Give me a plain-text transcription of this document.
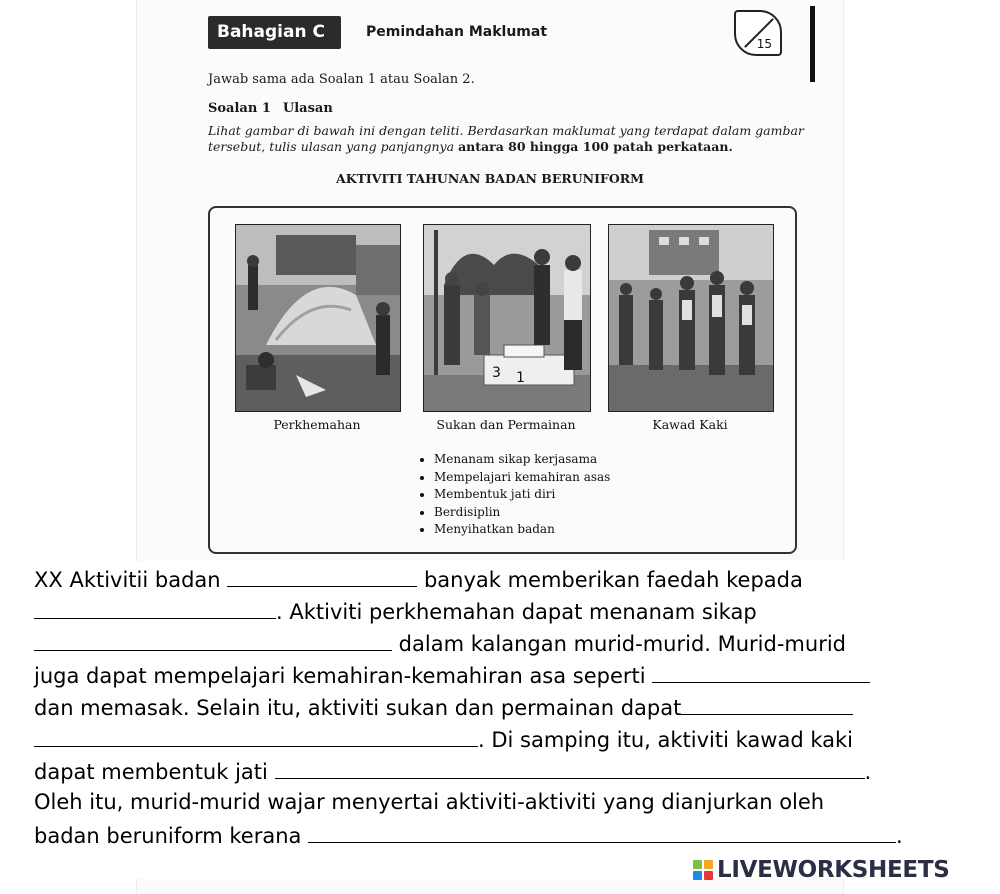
Bahagian C	Pemindahan Maklumat
15
Jawab sama ada Soalan 1 atau Soalan 2.
Soalan 1 Ulasan
Lihat gambar di bawah ini dengan teliti. Berdasarkan maklumat yang terdapat dalam gambar tersebut, tulis ulasan yang panjangnya antara 80 hingga 100 patah perkataan.
AKTIVITI TAHUNAN BADAN BERUNIFORM
3 1
Perkhemahan	Sukan dan Permainan	Kawad Kaki
• Menanam sikap kerjasama
• Mempelajari kemahiran asas
• Membentuk jati diri
• Berdisiplin
• Menyihatkan badan
XX Aktivitii badan	banyak memberikan faedah kepada
. Aktiviti perkhemahan dapat menanam sikap
dalam kalangan murid-murid. Murid-murid
juga dapat mempelajari kemahiran-kemahiran asa seperti
dan memasak. Selain itu, aktiviti sukan dan permainan dapat
. Di samping itu, aktiviti kawad kaki
dapat membentuk jati	.
Oleh itu, murid-murid wajar menyertai aktiviti-aktiviti yang dianjurkan oleh
badan beruniform kerana	.
LIVEWORKSHEETS
